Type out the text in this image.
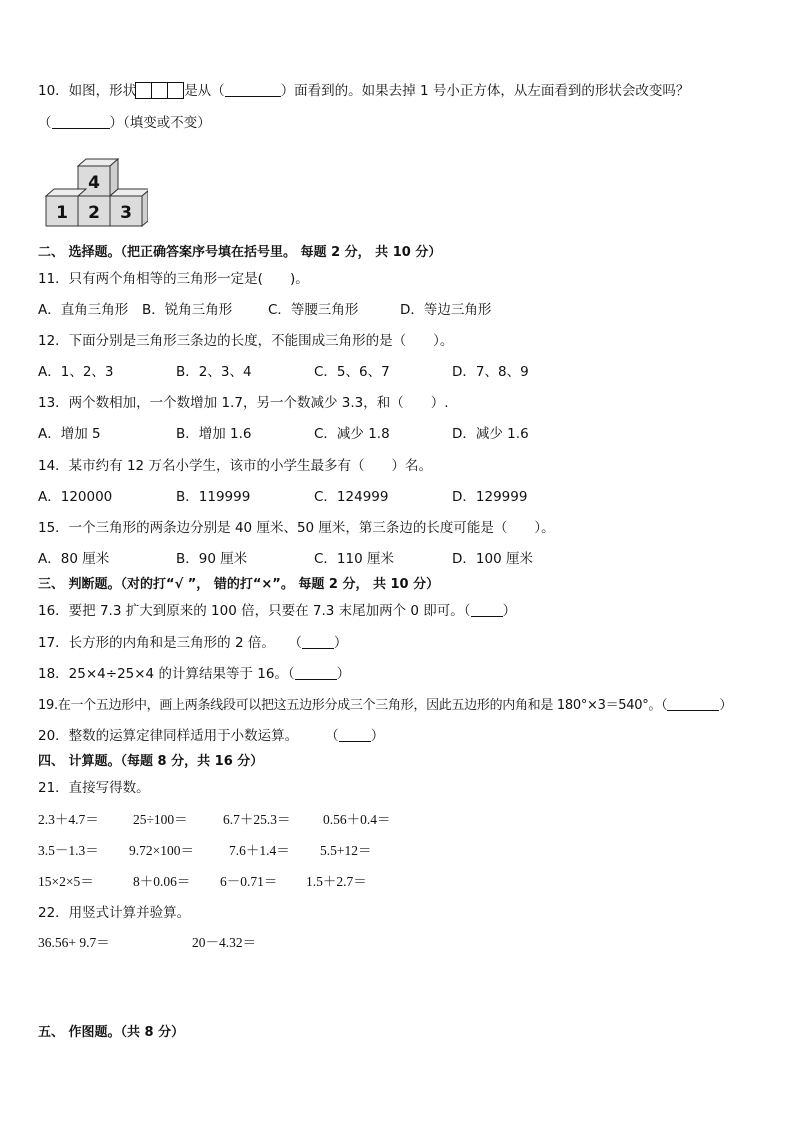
10．如图，形状	是从（	）面看到的。如果去掉 1 号小正方体，从左面看到的形状会改变吗？
（	）（填变或不变）
1 2 3
4
二、 选择题。（把正确答案序号填在括号里。 每题 2 分， 共 10 分）
11．只有两个角相等的三角形一定是(　　)。
A．直角三角形 B．锐角三角形	C．等腰三角形	D．等边三角形
12．下面分别是三角形三条边的长度，不能围成三角形的是（　　）。
A．1、2、3	B．2、3、4	C．5、6、7	D．7、8、9
13．两个数相加，一个数增加 1.7，另一个数减少 3.3，和（　　）.
A．增加 5	B．增加 1.6	C．减少 1.8	D．减少 1.6
14．某市约有 12 万名小学生，该市的小学生最多有（　　）名。
A．120000	B．119999	C．124999	D．129999
15．一个三角形的两条边分别是 40 厘米、50 厘米，第三条边的长度可能是（　　）。
A．80 厘米	B．90 厘米	C．110 厘米	D．100 厘米
三、 判断题。（对的打“√ ”， 错的打“×”。 每题 2 分， 共 10 分）
16．要把 7.3 扩大到原来的 100 倍，只要在 7.3 末尾加两个 0 即可。（ ）
17．长方形的内角和是三角形的 2 倍。　　（ ）
18．25×4÷25×4 的计算结果等于 16。（	）
19.在一个五边形中，画上两条线段可以把这五边形分成三个三角形，因此五边形的内角和是 180°×3＝540°。（	）
20．整数的运算定律同样适用于小数运算。　　　（ ）
四、 计算题。（每题 8 分，共 16 分）
21．直接写得数。
2.3＋4.7＝	25÷100＝	6.7＋25.3＝ 0.56＋0.4＝
3.5－1.3＝ 9.72×100＝	7.6＋1.4＝ 5.5+12＝
15×2×5＝	8＋0.06＝ 6－0.71＝ 1.5＋2.7＝
22．用竖式计算并验算。
36.56+ 9.7＝	20－4.32＝
五、 作图题。（共 8 分）
